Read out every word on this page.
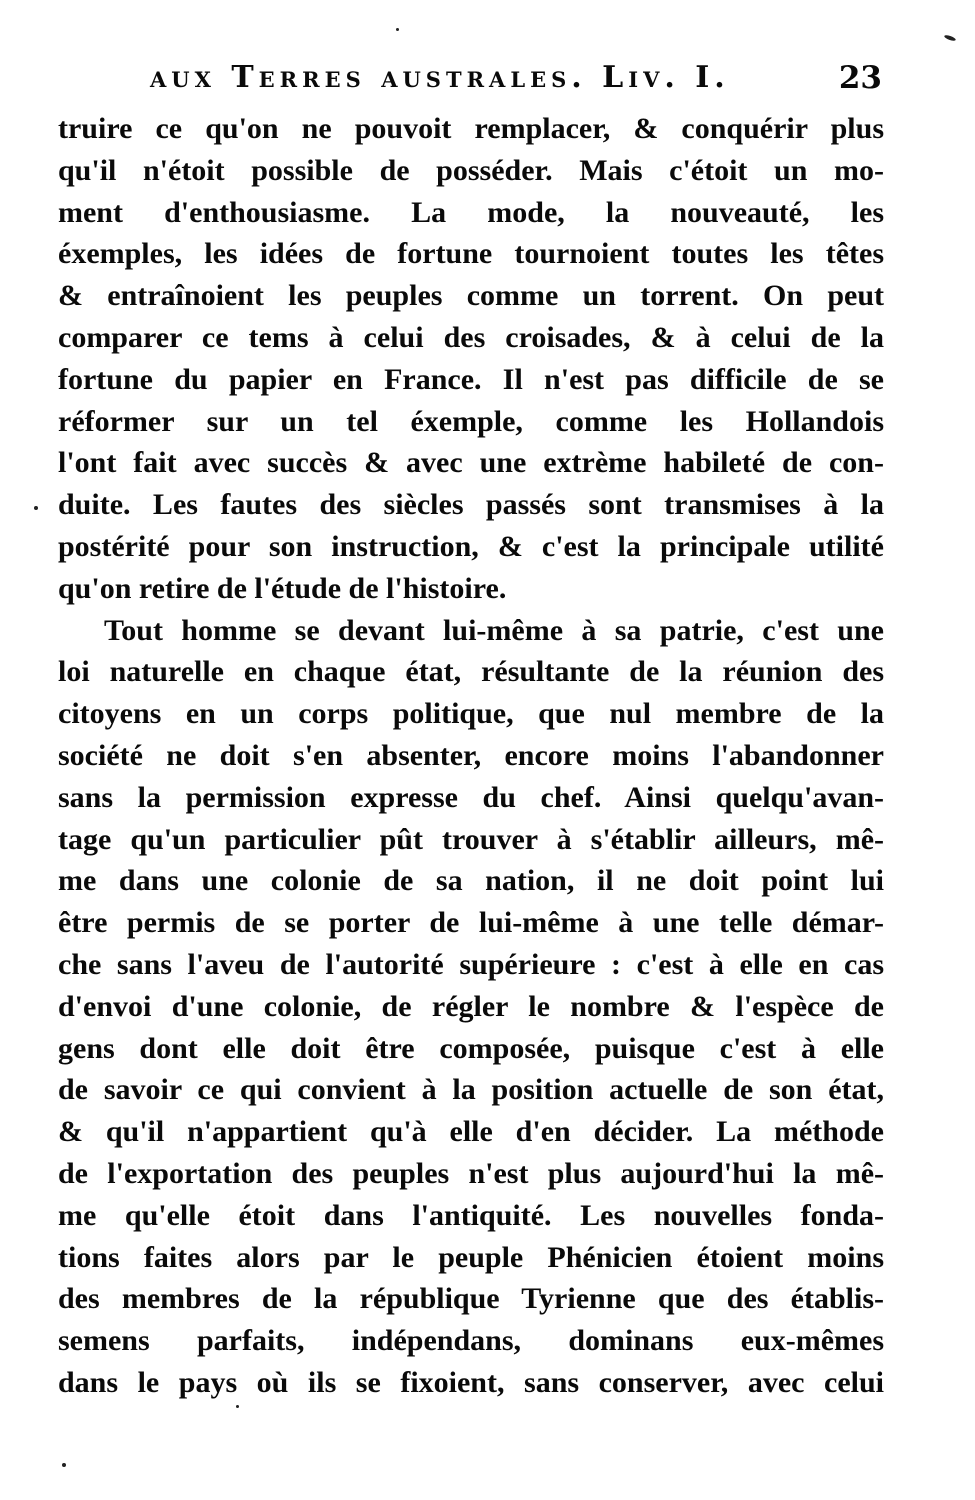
aux Terres australes. Liv. I.	23
truire ce qu'on ne pouvoit remplacer, & conquérir plus
qu'il n'étoit possible de posséder. Mais c'étoit un mo-
ment d'enthousiasme. La mode, la nouveauté, les
éxemples, les idées de fortune tournoient toutes les têtes
& entraînoient les peuples comme un torrent. On peut
comparer ce tems à celui des croisades, & à celui de la
fortune du papier en France. Il n'est pas difficile de se
réformer sur un tel éxemple, comme les Hollandois
l'ont fait avec succès & avec une extrème habileté de con-
duite. Les fautes des siècles passés sont transmises à la
postérité pour son instruction, & c'est la principale utilité
qu'on retire de l'étude de l'histoire.
Tout homme se devant lui-même à sa patrie, c'est une
loi naturelle en chaque état, résultante de la réunion des
citoyens en un corps politique, que nul membre de la
société ne doit s'en absenter, encore moins l'abandonner
sans la permission expresse du chef. Ainsi quelqu'avan-
tage qu'un particulier pût trouver à s'établir ailleurs, mê-
me dans une colonie de sa nation, il ne doit point lui
être permis de se porter de lui-même à une telle démar-
che sans l'aveu de l'autorité supérieure : c'est à elle en cas
d'envoi d'une colonie, de régler le nombre & l'espèce de
gens dont elle doit être composée, puisque c'est à elle
de savoir ce qui convient à la position actuelle de son état,
& qu'il n'appartient qu'à elle d'en décider. La méthode
de l'exportation des peuples n'est plus aujourd'hui la mê-
me qu'elle étoit dans l'antiquité. Les nouvelles fonda-
tions faites alors par le peuple Phénicien étoient moins
des membres de la république Tyrienne que des établis-
semens parfaits, indépendans, dominans eux-mêmes
dans le pays où ils se fixoient, sans conserver, avec celui
